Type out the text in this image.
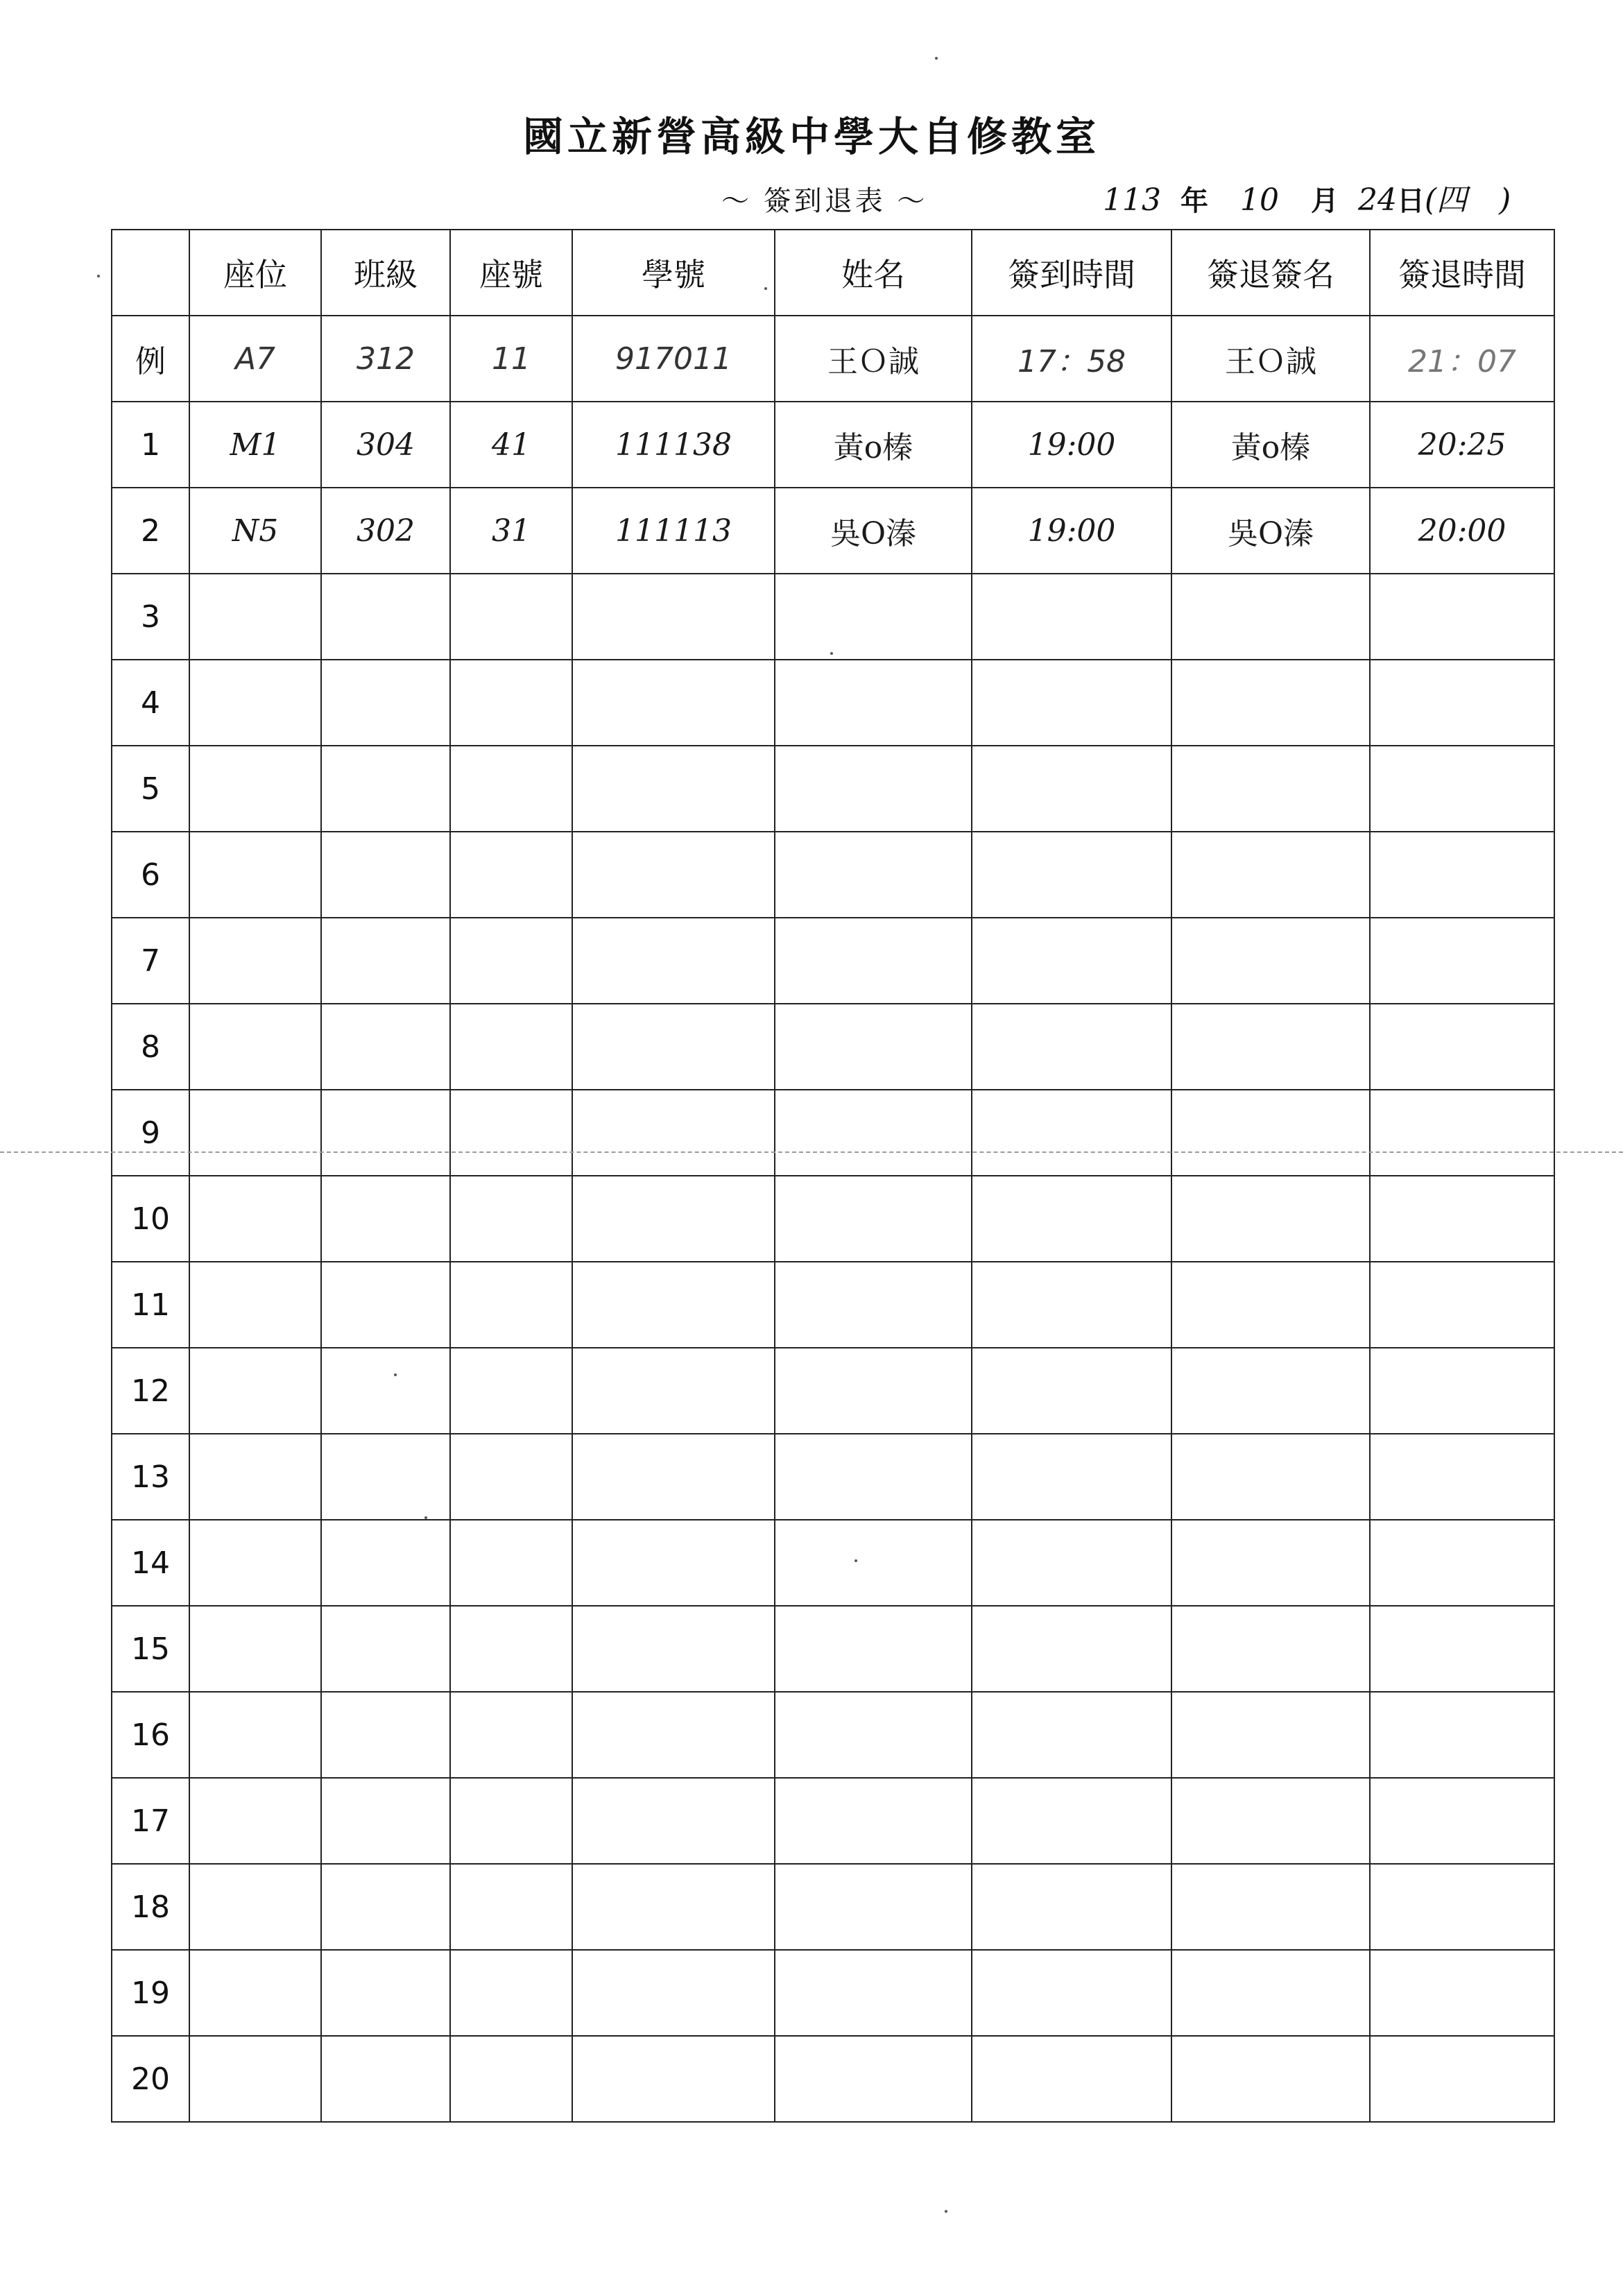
國立新營高級中學大自修教室
～ 簽到退表 ～	113 年 10 月 24日(四 )
	座位	班級	座號	學號	姓名	簽到時間	簽退簽名	簽退時間
例	A7	312	11	917011	王Ｏ誠	17：58	王Ｏ誠	21：07
1	M1	304	41	111138	黃o榛	19:00	黃o榛	20:25
2	N5	302	31	111113	吳O溱	19:00	吳O溱	20:00
3								
4								
5								
6								
7								
8								
9								
10								
11								
12								
13								
14								
15								
16								
17								
18								
19								
20								
